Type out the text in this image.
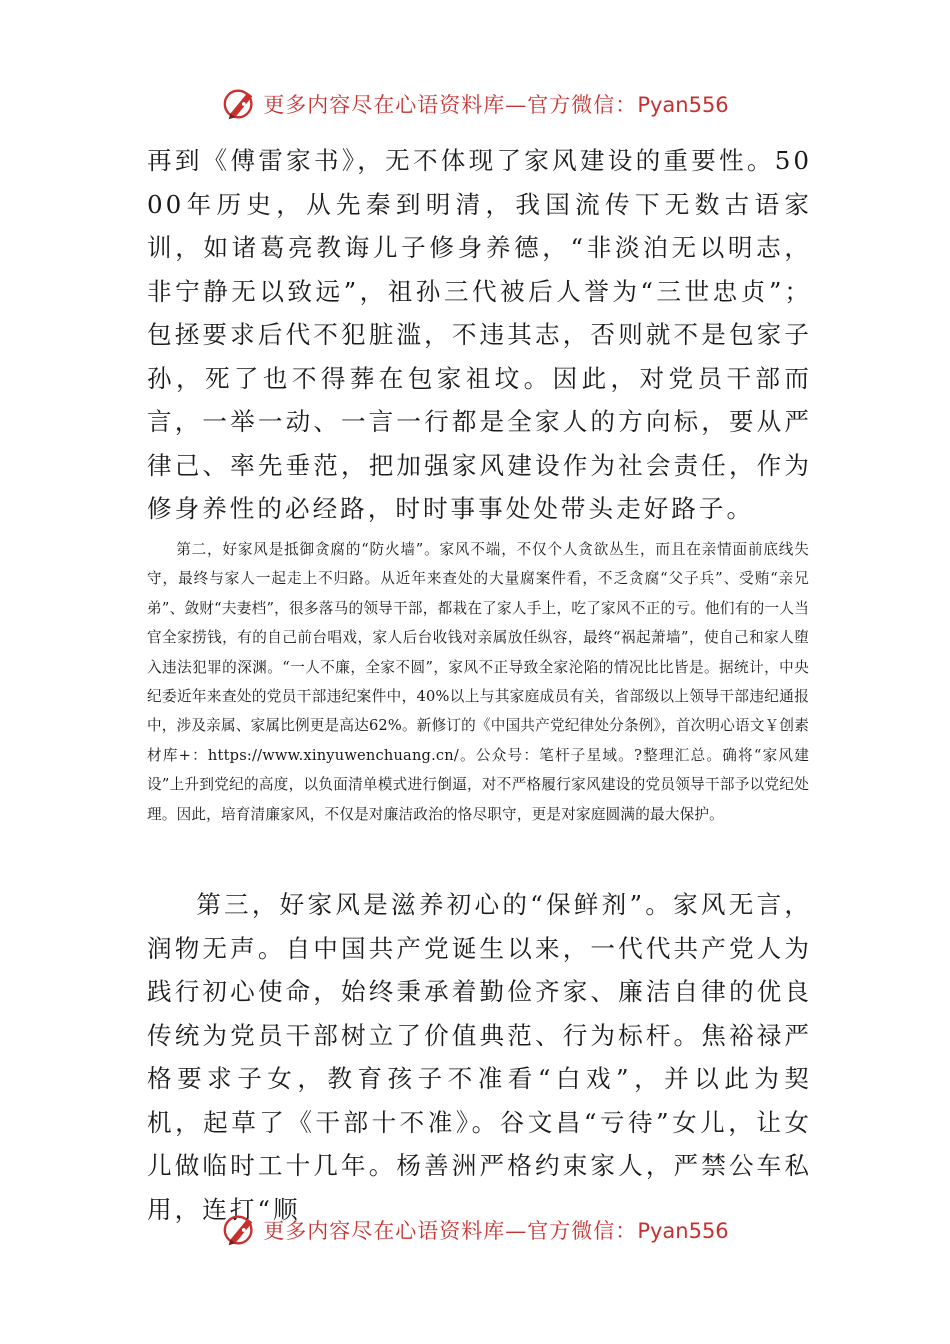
更多内容尽在心语资料库—官方微信：Pyan556

再到《傅雷家书》，无不体现了家风建设的重要性。5000年历史，从先秦到明清，我国流传下无数古语家训，如诸葛亮教诲儿子修身养德，“非淡泊无以明志，非宁静无以致远”，祖孙三代被后人誉为“三世忠贞”；包拯要求后代不犯脏滥，不违其志，否则就不是包家子孙，死了也不得葬在包家祖坟。因此，对党员干部而言，一举一动、一言一行都是全家人的方向标，要从严律己、率先垂范，把加强家风建设作为社会责任，作为修身养性的必经路，时时事事处处带头走好路子。

第二，好家风是抵御贪腐的“防火墙”。家风不端，不仅个人贪欲丛生，而且在亲情面前底线失守，最终与家人一起走上不归路。从近年来查处的大量腐案件看，不乏贪腐“父子兵”、受贿“亲兄弟”、敛财“夫妻档”，很多落马的领导干部，都栽在了家人手上，吃了家风不正的亏。他们有的一人当官全家捞钱，有的自己前台唱戏，家人后台收钱对亲属放任纵容，最终“祸起萧墙”，使自己和家人堕入违法犯罪的深渊。“一人不廉，全家不圆”，家风不正导致全家沦陷的情况比比皆是。据统计，中央纪委近年来查处的党员干部违纪案件中，40%以上与其家庭成员有关，省部级以上领导干部违纪通报中，涉及亲属、家属比例更是高达62%。新修订的《中国共产党纪律处分条例》，首次明心语文￥创素材库+：https://www.xinyuwenchuang.cn/。公众号：笔杆子星域。?整理汇总。确将“家风建设”上升到党纪的高度，以负面清单模式进行倒逼，对不严格履行家风建设的党员领导干部予以党纪处理。因此，培育清廉家风，不仅是对廉洁政治的恪尽职守，更是对家庭圆满的最大保护。

第三，好家风是滋养初心的“保鲜剂”。家风无言，润物无声。自中国共产党诞生以来，一代代共产党人为践行初心使命，始终秉承着勤俭齐家、廉洁自律的优良传统为党员干部树立了价值典范、行为标杆。焦裕禄严格要求子女，教育孩子不准看“白戏”，并以此为契机，起草了《干部十不准》。谷文昌“亏待”女儿，让女儿做临时工十几年。杨善洲严格约束家人，严禁公车私用，连打“顺

更多内容尽在心语资料库—官方微信：Pyan556
